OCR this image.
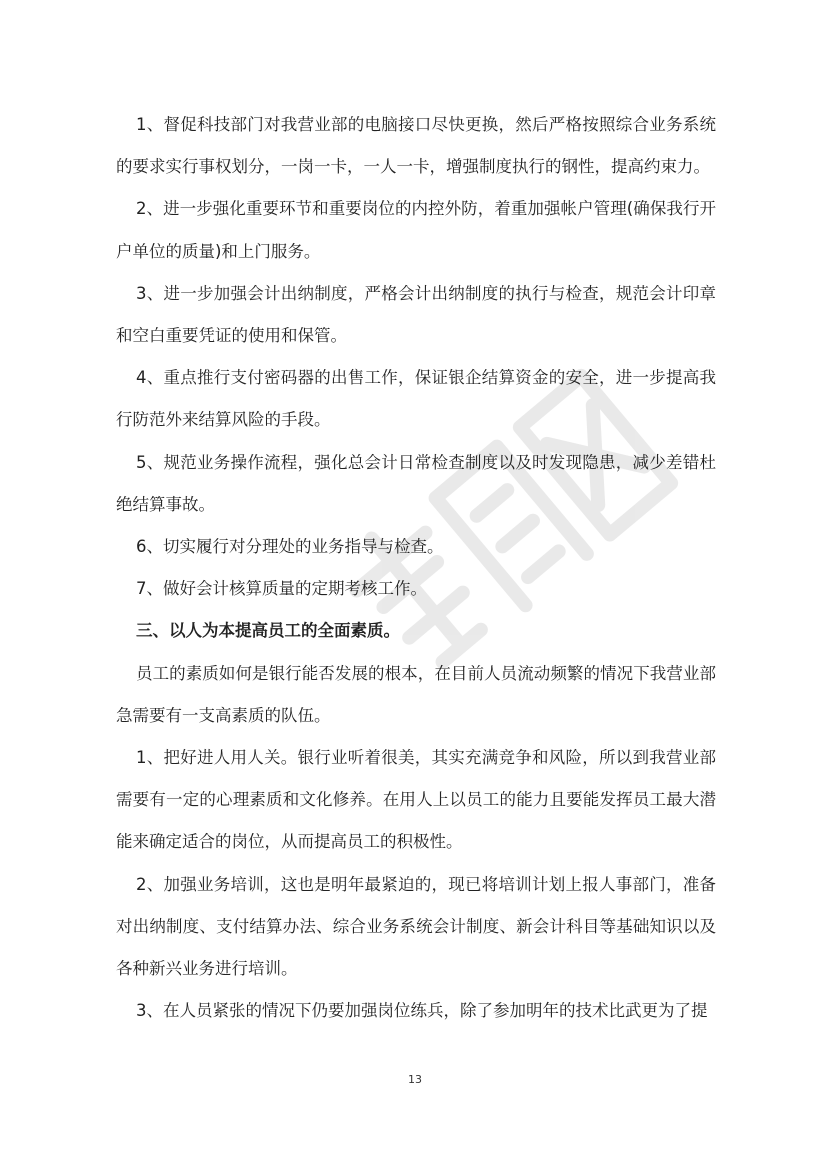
1、督促科技部门对我营业部的电脑接口尽快更换，然后严格按照综合业务系统的要求实行事权划分，一岗一卡，一人一卡，增强制度执行的钢性，提高约束力。

2、进一步强化重要环节和重要岗位的内控外防，着重加强帐户管理(确保我行开户单位的质量)和上门服务。

3、进一步加强会计出纳制度，严格会计出纳制度的执行与检查，规范会计印章和空白重要凭证的使用和保管。

4、重点推行支付密码器的出售工作，保证银企结算资金的安全，进一步提高我行防范外来结算风险的手段。

5、规范业务操作流程，强化总会计日常检查制度以及时发现隐患，减少差错杜绝结算事故。

6、切实履行对分理处的业务指导与检查。

7、做好会计核算质量的定期考核工作。

三、以人为本提高员工的全面素质。

员工的素质如何是银行能否发展的根本，在目前人员流动频繁的情况下我营业部急需要有一支高素质的队伍。

1、把好进人用人关。银行业听着很美，其实充满竞争和风险，所以到我营业部需要有一定的心理素质和文化修养。在用人上以员工的能力且要能发挥员工最大潜能来确定适合的岗位，从而提高员工的积极性。

2、加强业务培训，这也是明年最紧迫的，现已将培训计划上报人事部门，准备对出纳制度、支付结算办法、综合业务系统会计制度、新会计科目等基础知识以及各种新兴业务进行培训。

3、在人员紧张的情况下仍要加强岗位练兵，除了参加明年的技术比武更为了提

13
